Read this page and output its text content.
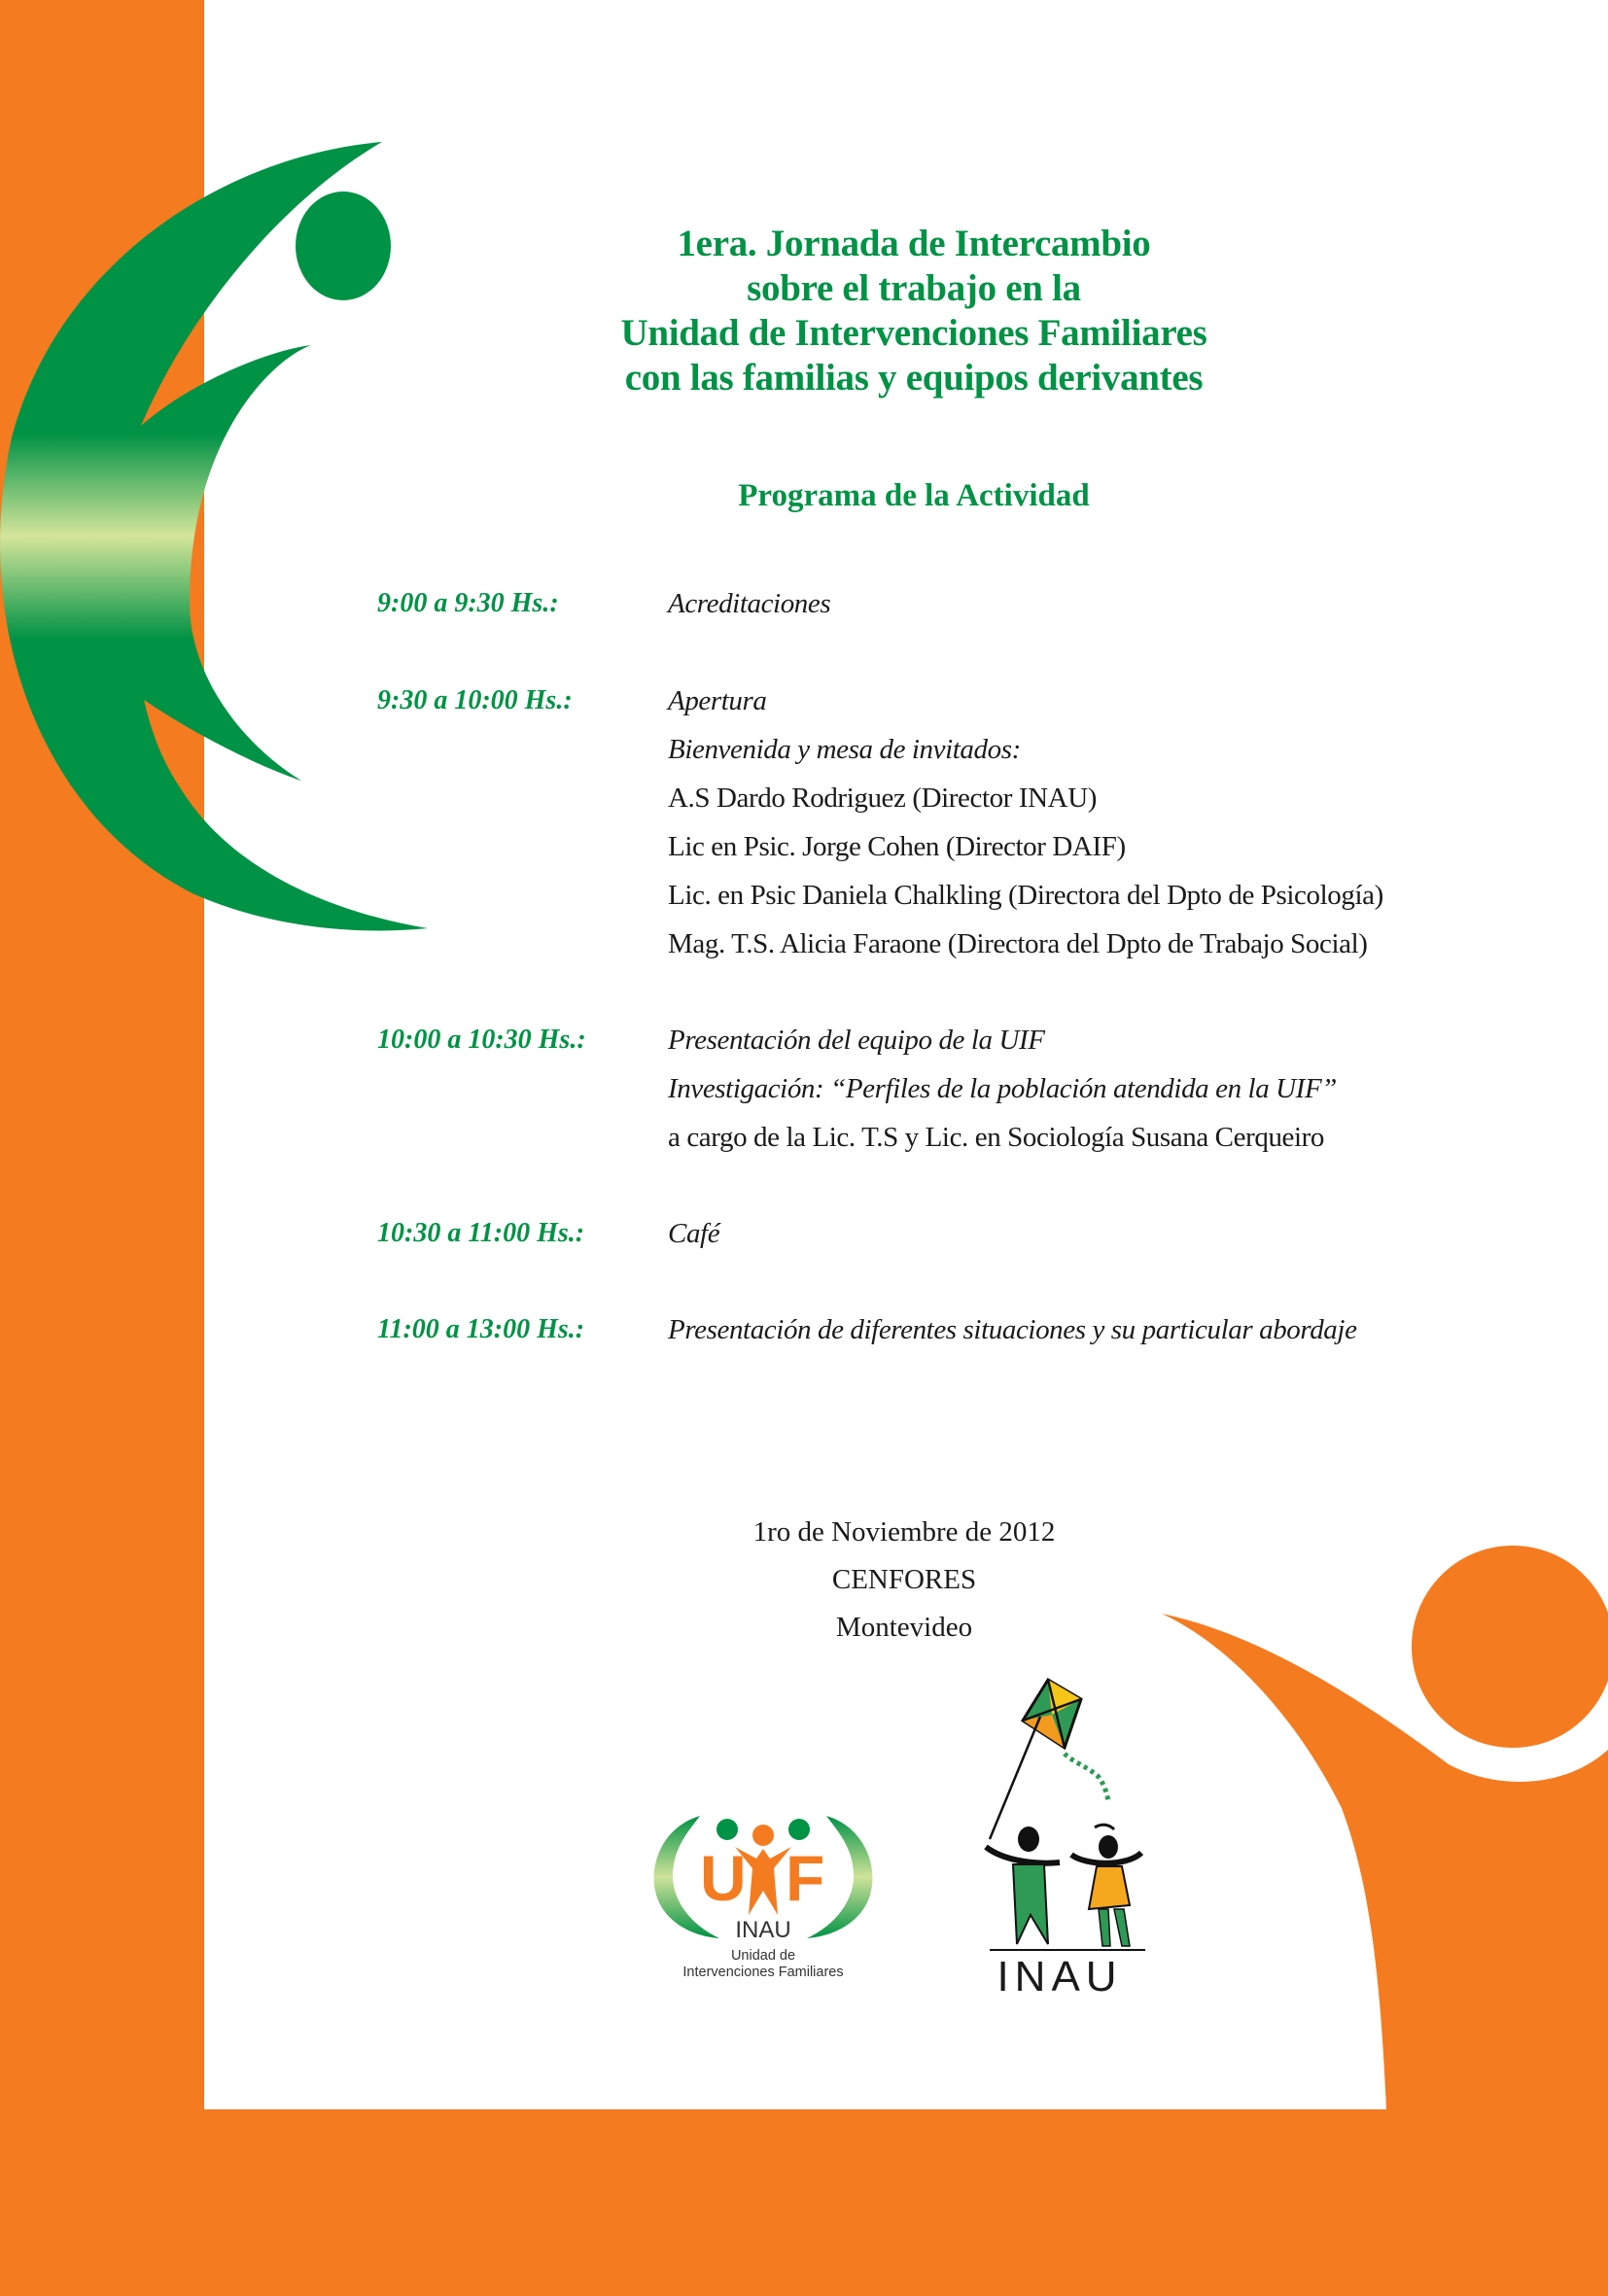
1era. Jornada de Intercambio
sobre el trabajo en la
Unidad de Intervenciones Familiares
con las familias y equipos derivantes
Programa de la Actividad
9:00 a 9:30 Hs.:	Acreditaciones
9:30 a 10:00 Hs.:	Apertura
Bienvenida y mesa de invitados:
A.S Dardo Rodriguez (Director INAU)
Lic en Psic. Jorge Cohen (Director DAIF)
Lic. en Psic Daniela Chalkling (Directora del Dpto de Psicología)
Mag. T.S. Alicia Faraone (Directora del Dpto de Trabajo Social)
10:00 a 10:30 Hs.:	Presentación del equipo de la UIF
Investigación: “Perfiles de la población atendida en la UIF”
a cargo de la Lic. T.S y Lic. en Sociología Susana Cerqueiro
10:30 a 11:00 Hs.:	Café
11:00 a 13:00 Hs.:	Presentación de diferentes situaciones y su particular abordaje
1ro de Noviembre de 2012
CENFORES
Montevideo
U F
INAU
Unidad de
Intervenciones Familiares	INAU
